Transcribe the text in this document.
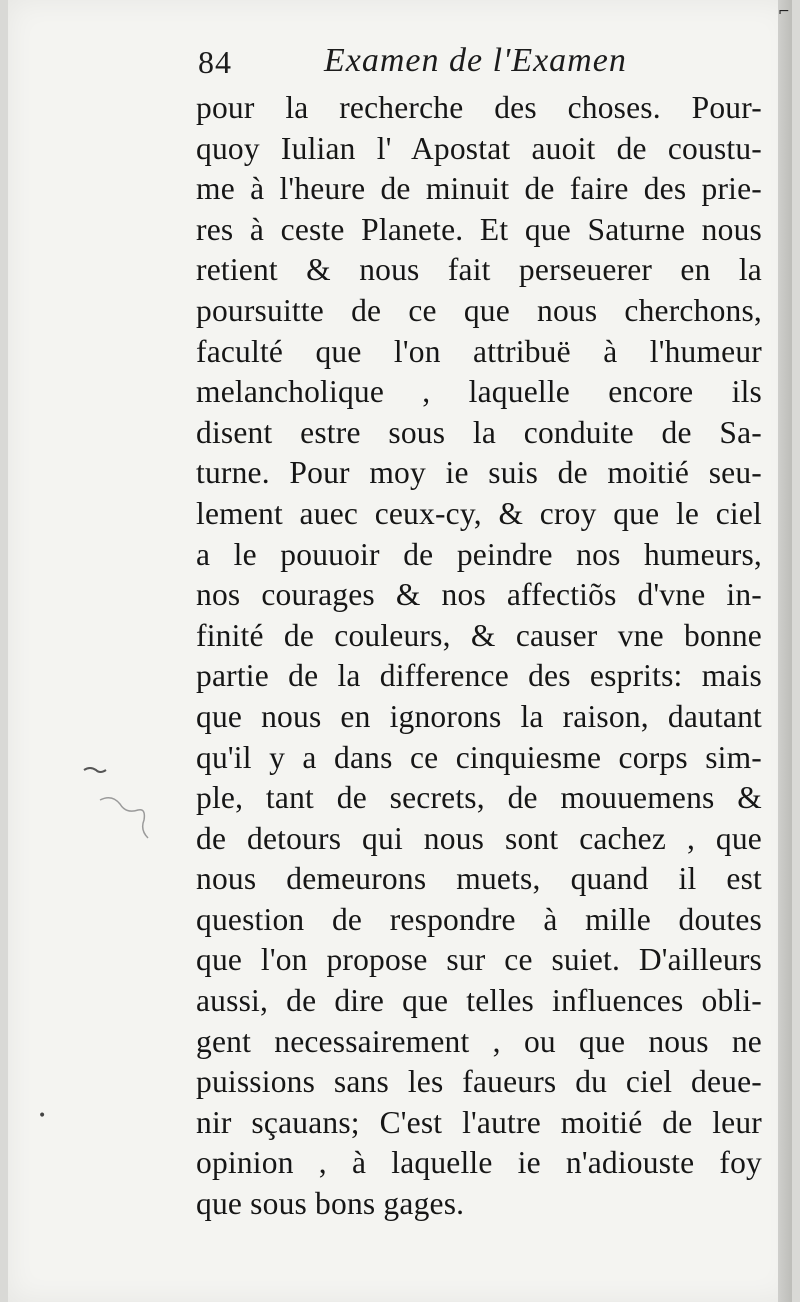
84	Examen de l'Examen
pour la recherche des choses. Pour-
quoy Iulian l' Apostat auoit de coustu-
me à l'heure de minuit de faire des prie-
res à ceste Planete. Et que Saturne nous
retient & nous fait perseuerer en la
poursuitte de ce que nous cherchons,
faculté que l'on attribuë à l'humeur
melancholique , laquelle encore ils
disent estre sous la conduite de Sa-
turne. Pour moy ie suis de moitié seu-
lement auec ceux-cy, & croy que le ciel
a le pouuoir de peindre nos humeurs,
nos courages & nos affectiõs d'vne in-
finité de couleurs, & causer vne bonne
partie de la difference des esprits: mais
que nous en ignorons la raison, dautant
qu'il y a dans ce cinquiesme corps sim-
ple, tant de secrets, de mouuemens &
de detours qui nous sont cachez , que
nous demeurons muets, quand il est
question de respondre à mille doutes
que l'on propose sur ce suiet. D'ailleurs
aussi, de dire que telles influences obli-
gent necessairement , ou que nous ne
puissions sans les faueurs du ciel deue-
nir sçauans; C'est l'autre moitié de leur
opinion , à laquelle ie n'adiouste foy
que sous bons gages.
•
⌐
